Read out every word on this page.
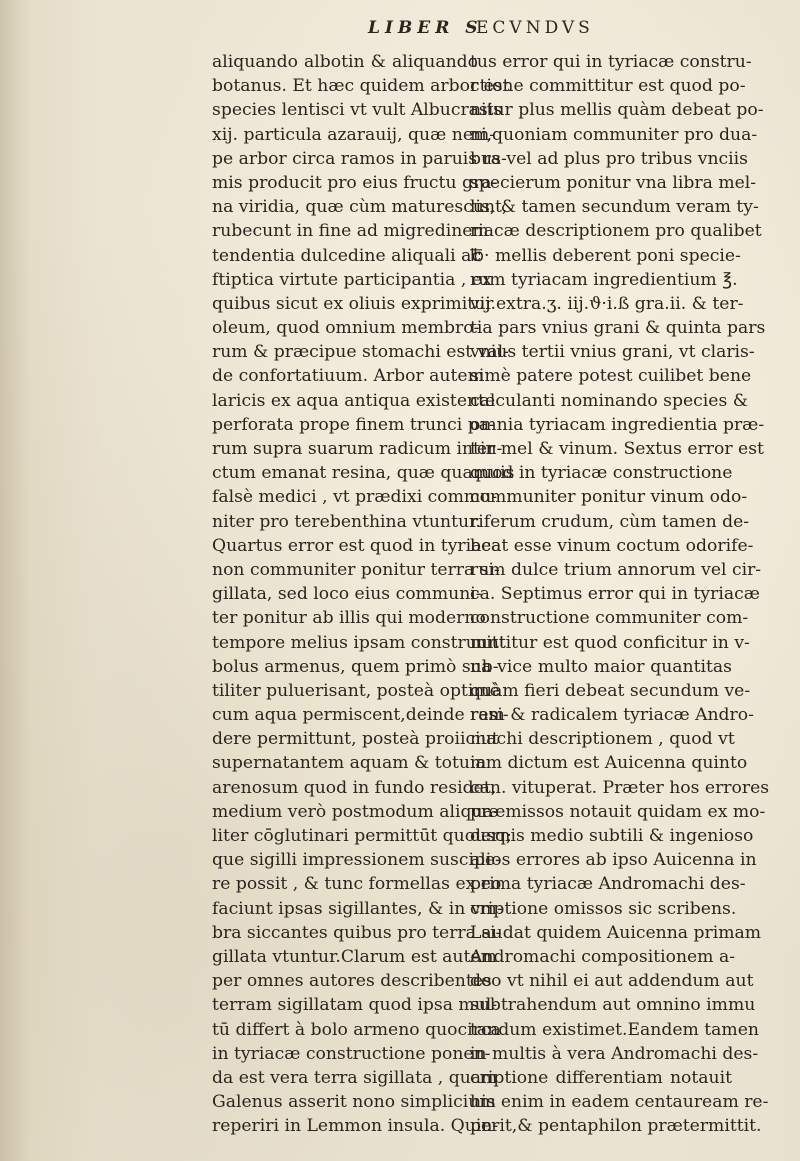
LIBER S
ECVNDVS
aliquando albotin & aliquando
botanus. Et hæc quidem arbor est
species lentisci vt vult Albucrasis
xij. particula azarauij, quæ nem-
pe arbor circa ramos in paruis ra-
mis producit pro eius fructu gra-
na viridia, quæ cùm maturescunt,
rubecunt in fine ad migredinem
tendentia dulcedine aliquali ac
ftiptica virtute participantia , ex
quibus sicut ex oliuis exprimitur
oleum, quod omnium membro-
rum & præcipue stomachi est val-
de confortatiuum. Arbor autem
laricis ex aqua antiqua existente
perforata prope finem trunci pa-
rum supra suarum radicum intin-
ctum emanat resina, quæ quamuis
falsè medici , vt prædixi commu-
niter pro terebenthina vtuntur.
Quartus error est quod in tyriaca
non communiter ponitur terra si-
gillata, sed loco eius communi-
ter ponitur ab illis qui moderno
tempore melius ipsam construunt
bolus armenus, quem primò sub-
tiliter puluerisant, posteà optimè
cum aqua permiscent,deinde resi-
dere permittunt, posteà proiiciut
supernatantem aquam & totum
arenosum quod in fundo residet,
medium verò postmodum aliqua-
liter cōglutinari permittūt quousq;
que sigilli impressionem suscipe-
re possit , & tunc formellas ex eo
faciunt ipsas sigillantes, & in vm-
bra siccantes quibus pro terra si-
gillata vtuntur.Clarum est autem
per omnes autores describentes
terram sigillatam quod ipsa mul-
tū differt à bolo armeno quocirca
in tyriacæ constructione ponen-
da est vera terra sigillata , quam
Galenus asserit nono simplicium
reperiri in Lemmon insula. Quin-
tus error qui in tyriacæ constru-
ctione committitur est quod po-
nitur plus mellis quàm debeat po-
ni,quoniam communiter pro dua-
bus vel ad plus pro tribus vnciis
specierum ponitur vna libra mel-
lis, & tamen secundum veram ty-
riacæ descriptionem pro qualibet
℔· mellis deberent poni specie-
rum tyriacam ingredientium ℥.
vij.extra.ʒ. iij.ϑ·i.ß gra.ii. & ter-
tia pars vnius grani & quinta pars
vnius tertii vnius grani, vt claris-
simè patere potest cuilibet bene
calculanti nominando species &
omnia tyriacam ingredientia præ-
ter mel & vinum. Sextus error est
quod in tyriacæ constructione
communiter ponitur vinum odo-
riferum crudum, cùm tamen de-
beat esse vinum coctum odorife-
rum dulce trium annorum vel cir-
ca. Septimus error qui in tyriacæ
constructione communiter com-
mittitur est quod conficitur in v-
na vice multo maior quantitas
quàm fieri debeat secundum ve-
ram & radicalem tyriacæ Andro-
machi descriptionem , quod vt
iam dictum est Auicenna quinto
can. vituperat. Præter hos errores
præmissos notauit quidam ex mo-
dernis medio subtili & ingenioso
alios errores ab ipso Auicenna in
prima tyriacæ Andromachi des-
criptione omissos sic scribens.
Laudat quidem Auicenna primam
Andromachi compositionem a-
deo vt nihil ei aut addendum aut
subtrahendum aut omnino immu
tandum existimet.Eandem tamen
in multis à vera Andromachi des-
criptione differentiam notauit
his enim in eadem centauream re-
perit,& pentaphilon prætermittit.
